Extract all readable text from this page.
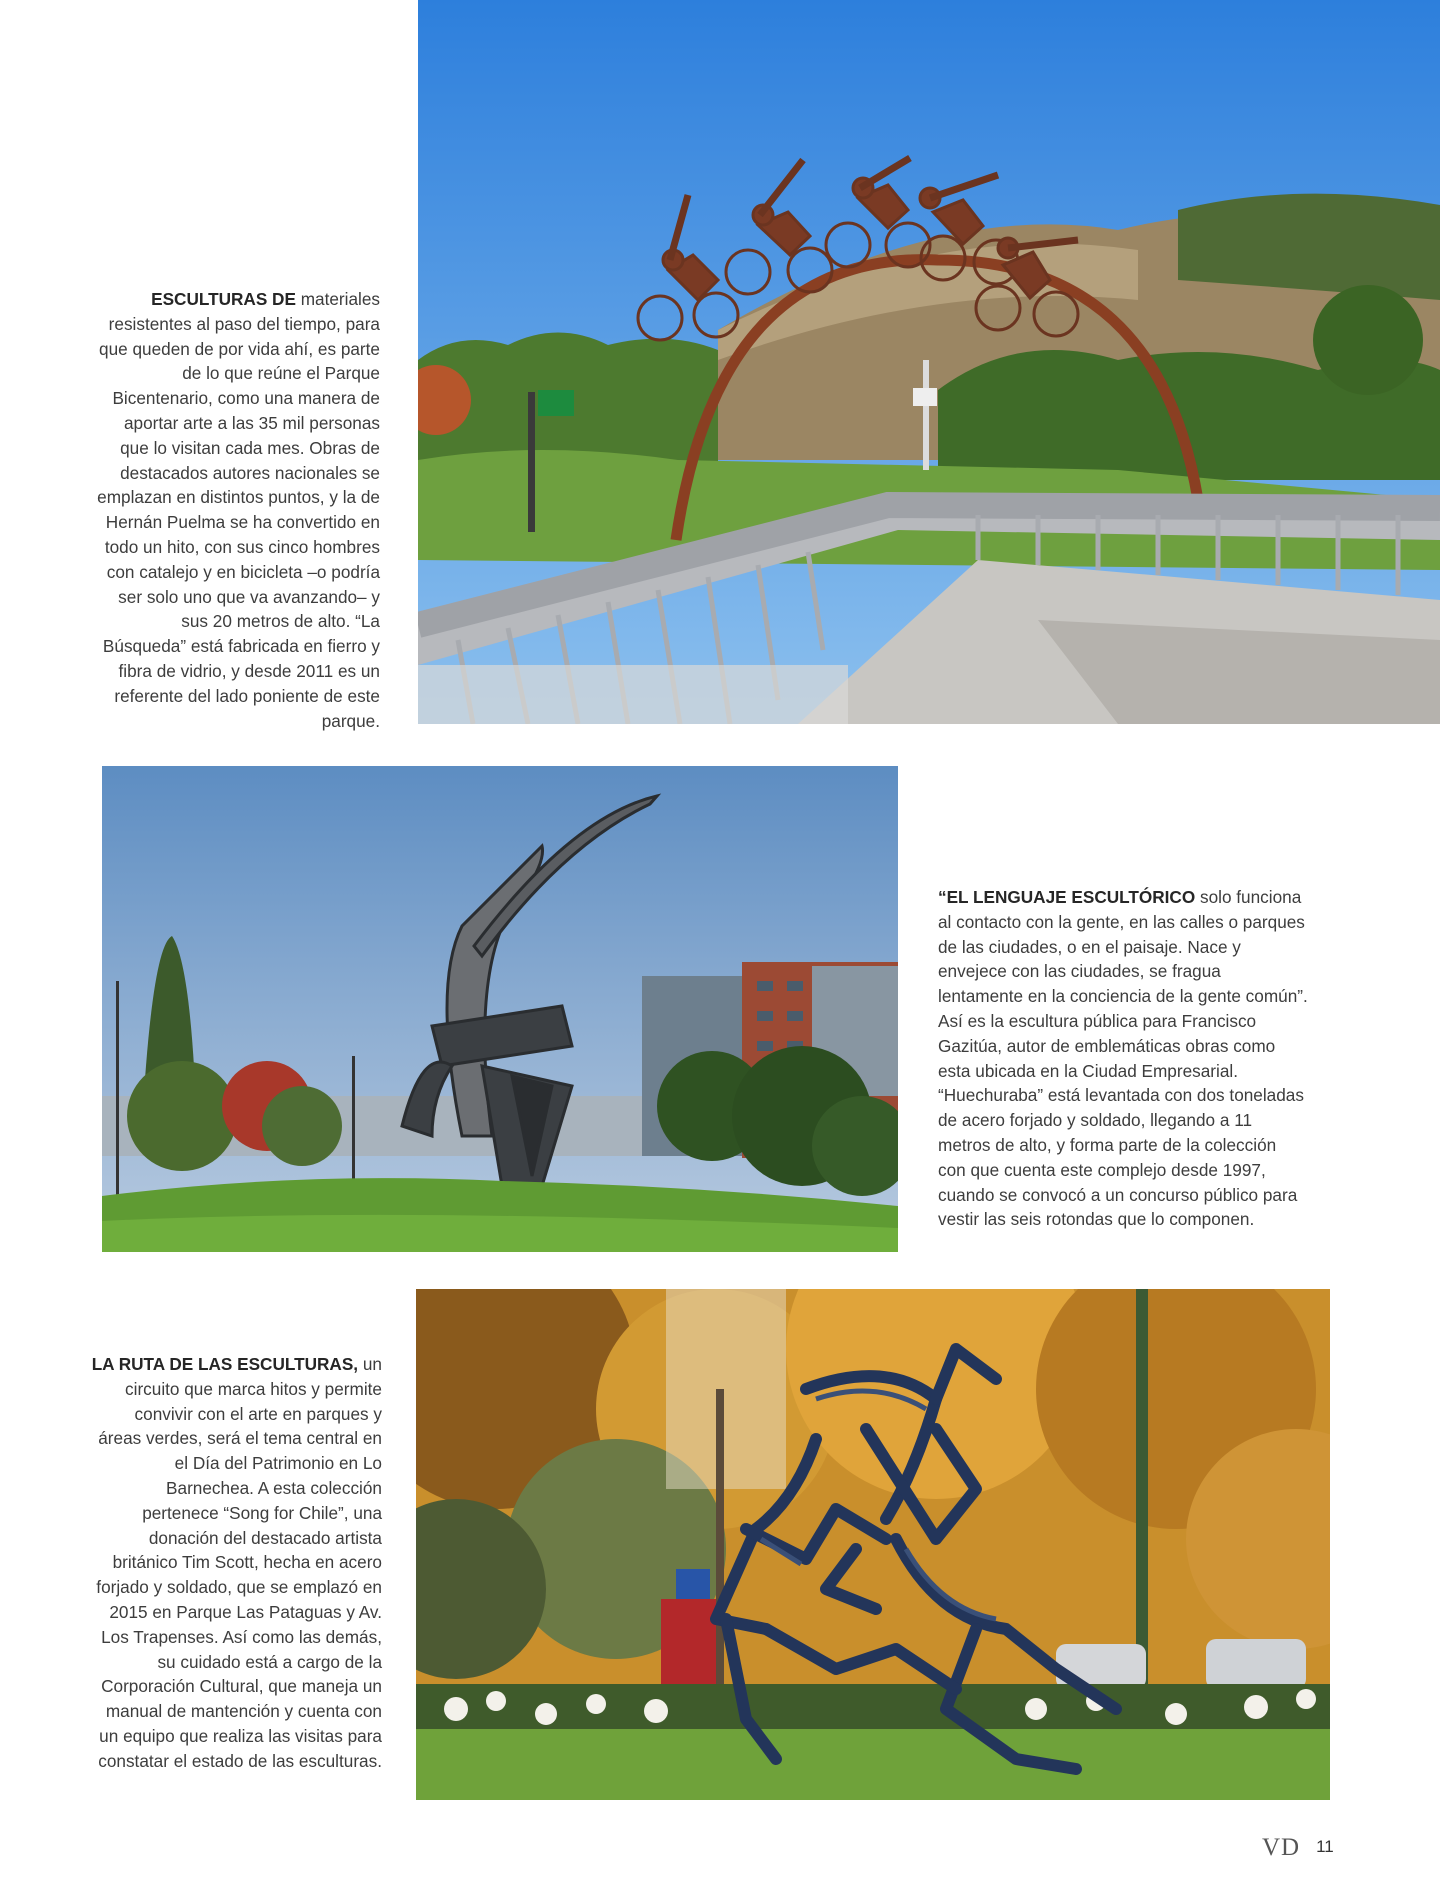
ESCULTURAS DE materiales resistentes al paso del tiempo, para que queden de por vida ahí, es parte de lo que reúne el Parque Bicentenario, como una manera de aportar arte a las 35 mil personas que lo visitan cada mes. Obras de destacados autores nacionales se emplazan en distintos puntos, y la de Hernán Puelma se ha convertido en todo un hito, con sus cinco hombres con catalejo y en bicicleta –o podría ser solo uno que va avanzando– y sus 20 metros de alto. “La Búsqueda” está fabricada en fierro y fibra de vidrio, y desde 2011 es un referente del lado poniente de este parque.
“EL LENGUAJE ESCULTÓRICO solo funciona al contacto con la gente, en las calles o parques de las ciudades, o en el paisaje. Nace y envejece con las ciudades, se fragua lentamente en la conciencia de la gente común”. Así es la escultura pública para Francisco Gazitúa, autor de emblemáticas obras como esta ubicada en la Ciudad Empresarial. “Huechuraba” está levantada con dos toneladas de acero forjado y soldado, llegando a 11 metros de alto, y forma parte de la colección con que cuenta este complejo desde 1997, cuando se convocó a un concurso público para vestir las seis rotondas que lo componen.
LA RUTA DE LAS ESCULTURAS, un circuito que marca hitos y permite convivir con el arte en parques y áreas verdes, será el tema central en el Día del Patrimonio en Lo Barnechea. A esta colección pertenece “Song for Chile”, una donación del destacado artista británico Tim Scott, hecha en acero forjado y soldado, que se emplazó en 2015 en Parque Las Pataguas y Av. Los Trapenses. Así como las demás, su cuidado está a cargo de la Corporación Cultural, que maneja un manual de mantención y cuenta con un equipo que realiza las visitas para constatar el estado de las esculturas.
VD 11
